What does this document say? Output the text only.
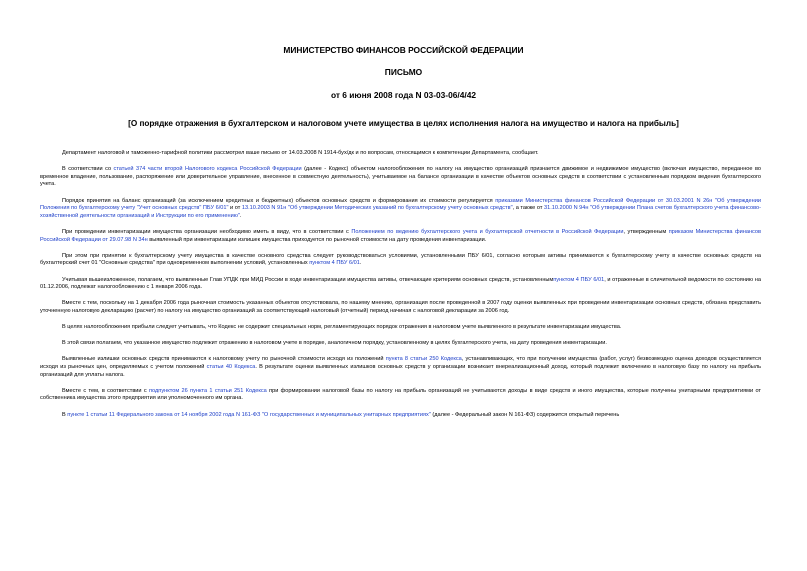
МИНИСТЕРСТВО ФИНАНСОВ РОССИЙСКОЙ ФЕДЕРАЦИИ
ПИСЬМО
от 6 июня 2008 года N 03-03-06/4/42
[О порядке отражения в бухгалтерском и налоговом учете имущества в целях исполнения налога на имущество и налога на прибыль]

Департамент налоговой и таможенно-тарифной политики рассмотрел ваше письмо от 14.03.2008 N 1914-бух/дк и по вопросам, относящимся к компетенции Департамента, сообщает.

В соответствии со статьей 374 части второй Налогового кодекса Российской Федерации (далее - Кодекс) объектом налогообложения по налогу на имущество организаций признается движимое и недвижимое имущество (включая имущество, переданное во временное владение, пользование, распоряжение или доверительное управление, внесенное в совместную деятельность), учитываемое на балансе организации в качестве объектов основных средств в соответствии с установленным порядком ведения бухгалтерского учета.

Порядок принятия на баланс организаций (за исключением кредитных и бюджетных) объектов основных средств и формирования их стоимости регулируется приказами Министерства финансов Российской Федерации от 30.03.2001 N 26н "Об утверждении Положения по бухгалтерскому учету "Учет основных средств" ПБУ 6/01" и от 13.10.2003 N 91н "Об утверждении Методических указаний по бухгалтерскому учету основных средств", а также от 31.10.2000 N 94н "Об утверждении Плана счетов бухгалтерского учета финансово-хозяйственной деятельности организаций и Инструкции по его применению".

При проведении инвентаризации имущества организации необходимо иметь в виду, что в соответствии с Положением по ведению бухгалтерского учета и бухгалтерской отчетности в Российской Федерации, утвержденным приказом Министерства финансов Российской Федерации от 29.07.98 N 34н выявленный при инвентаризации излишек имущества приходуется по рыночной стоимости на дату проведения инвентаризации.

При этом при принятии к бухгалтерскому учету имущества в качестве основного средства следует руководствоваться условиями, установленными ПБУ 6/01, согласно которым активы принимаются к бухгалтерскому учету в качестве основных средств на бухгалтерский счет 01 "Основные средства" при одновременном выполнении условий, установленных пунктом 4 ПБУ 6/01.

Учитывая вышеизложенное, полагаем, что выявленные Глав УПДК при МИД России в ходе инвентаризации имущества активы, отвечающие критериям основных средств, установленнымпунктом 4 ПБУ 6/01, и отраженные в сличительной ведомости по состоянию на 01.12.2006, подлежат налогообложению с 1 января 2006 года.

Вместе с тем, поскольку на 1 декабря 2006 года рыночная стоимость указанных объектов отсутствовала, по нашему мнению, организация после проведенной в 2007 году оценки выявленных при проведении инвентаризации основных средств, обязана представить уточненную налоговую декларацию (расчет) по налогу на имущество организаций за соответствующий налоговый (отчетный) период начиная с налоговой декларации за 2006 год.

В целях налогообложения прибыли следует учитывать, что Кодекс не содержит специальных норм, регламентирующих порядок отражения в налоговом учете выявленного в результате инвентаризации имущества.

В этой связи полагаем, что указанное имущество подлежит отражению в налоговом учете в порядке, аналогичном порядку, установленному в целях бухгалтерского учета, на дату проведения инвентаризации.

Выявленные излишки основных средств принимаются к налоговому учету по рыночной стоимости исходя из положений пункта 8 статьи 250 Кодекса, устанавливающих, что при получении имущества (работ, услуг) безвозмездно оценка доходов осуществляется исходя из рыночных цен, определяемых с учетом положений статьи 40 Кодекса. В результате оценки выявленных излишков основных средств у организации возникает внереализационный доход, который подлежит включению в налоговую базу по налогу на прибыль организаций для уплаты налога.

Вместе с тем, в соответствии с подпунктом 26 пункта 1 статьи 251 Кодекса при формировании налоговой базы по налогу на прибыль организаций не учитываются доходы в виде средств и иного имущества, которые получены унитарными предприятиями от собственника имущества этого предприятия или уполномоченного им органа.

В пункте 1 статьи 11 Федерального закона от 14 ноября 2002 года N 161-ФЗ "О государственных и муниципальных унитарных предприятиях" (далее - Федеральный закон N 161-ФЗ) содержится открытый перечень
